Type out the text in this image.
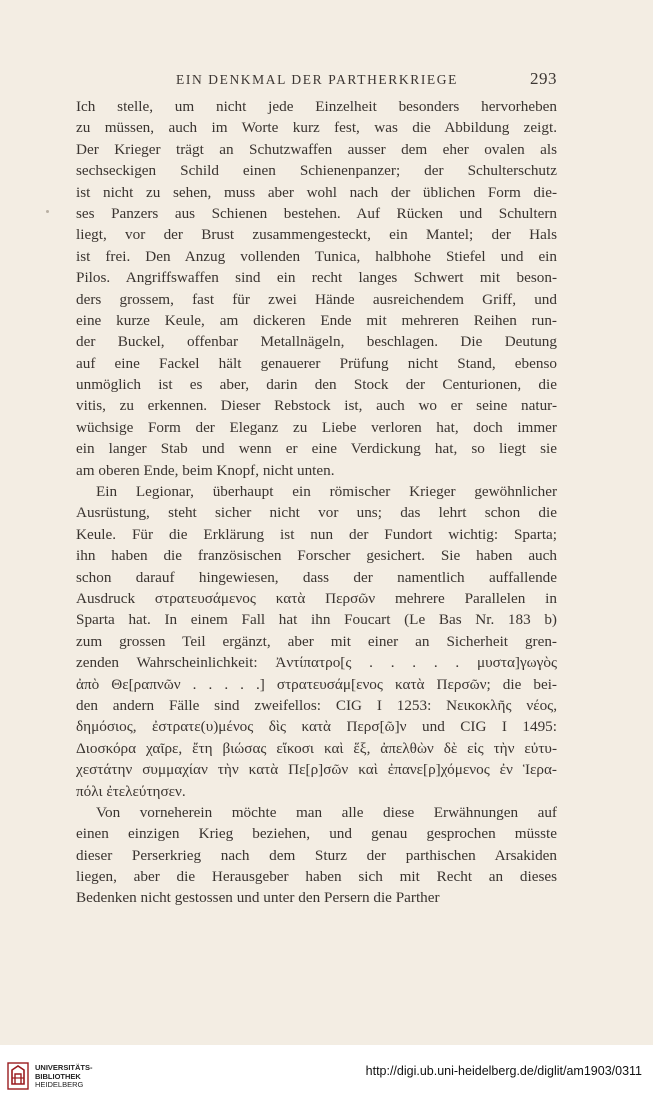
EIN DENKMAL DER PARTHERKRIEGE	293
Ich stelle, um nicht jede Einzelheit besonders hervorheben
zu müssen, auch im Worte kurz fest, was die Abbildung zeigt.
Der Krieger trägt an Schutzwaffen ausser dem eher ovalen als
sechseckigen Schild einen Schienenpanzer; der Schulterschutz
ist nicht zu sehen, muss aber wohl nach der üblichen Form die-
ses Panzers aus Schienen bestehen. Auf Rücken und Schultern
liegt, vor der Brust zusammengesteckt, ein Mantel; der Hals
ist frei. Den Anzug vollenden Tunica, halbhohe Stiefel und ein
Pilos. Angriffswaffen sind ein recht langes Schwert mit beson-
ders grossem, fast für zwei Hände ausreichendem Griff, und
eine kurze Keule, am dickeren Ende mit mehreren Reihen run-
der Buckel, offenbar Metallnägeln, beschlagen. Die Deutung
auf eine Fackel hält genauerer Prüfung nicht Stand, ebenso
unmöglich ist es aber, darin den Stock der Centurionen, die
vitis, zu erkennen. Dieser Rebstock ist, auch wo er seine natur-
wüchsige Form der Eleganz zu Liebe verloren hat, doch immer
ein langer Stab und wenn er eine Verdickung hat, so liegt sie
am oberen Ende, beim Knopf, nicht unten.
Ein Legionar, überhaupt ein römischer Krieger gewöhnlicher
Ausrüstung, steht sicher nicht vor uns; das lehrt schon die
Keule. Für die Erklärung ist nun der Fundort wichtig: Sparta;
ihn haben die französischen Forscher gesichert. Sie haben auch
schon darauf hingewiesen, dass der namentlich auffallende
Ausdruck στρατευσάμενος κατὰ Περσῶν mehrere Parallelen in
Sparta hat. In einem Fall hat ihn Foucart (Le Bas Nr. 183 b)
zum grossen Teil ergänzt, aber mit einer an Sicherheit gren-
zenden Wahrscheinlichkeit: Ἀντίπατρο[ς . . . . . μυστα]γωγὸς
ἀπὸ Θε[ραπνῶν . . . . .] στρατευσάμ[ενος κατὰ Περσῶν; die bei-
den andern Fälle sind zweifellos: CIG I 1253: Νεικοκλῆς νέος,
δημόσιος, ἐστρατε(υ)μένος δὶς κατὰ Περσ[ῶ]ν und CIG I 1495:
Διοσκόρα χαῖρε, ἔτη βιώσας εἴκοσι καὶ ἕξ, ἀπελθὼν δὲ εἰς τὴν εὐτυ-
χεστάτην συμμαχίαν τὴν κατὰ Πε[ρ]σῶν καὶ ἐπανε[ρ]χόμενος ἐν Ἱερα-
πόλι ἐτελεύτησεν.
Von vorneherein möchte man alle diese Erwähnungen auf
einen einzigen Krieg beziehen, und genau gesprochen müsste
dieser Perserkrieg nach dem Sturz der parthischen Arsakiden
liegen, aber die Herausgeber haben sich mit Recht an dieses
Bedenken nicht gestossen und unter den Persern die Parther
UNIVERSITÄTS-
BIBLIOTHEK
HEIDELBERG
http://digi.ub.uni-heidelberg.de/diglit/am1903/0311
